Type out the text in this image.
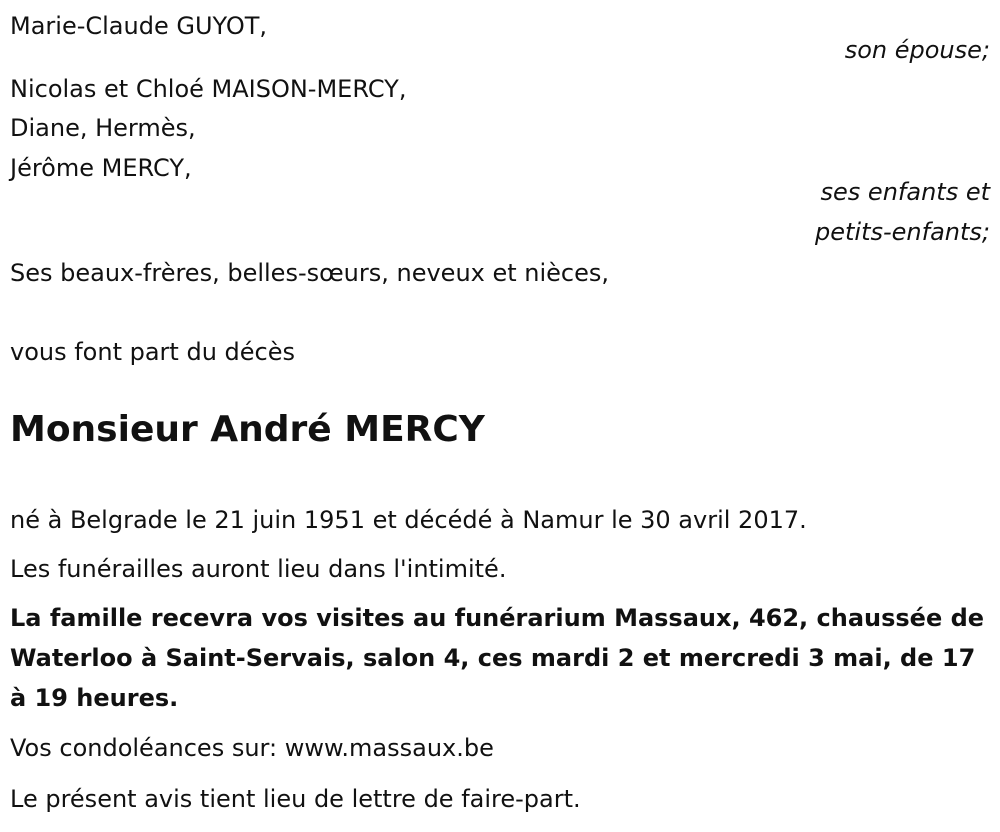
Marie-Claude GUYOT,
son épouse;
Nicolas et Chloé MAISON-MERCY,
Diane, Hermès,
Jérôme MERCY,
ses enfants et
petits-enfants;
Ses beaux-frères, belles-sœurs, neveux et nièces,
vous font part du décès
Monsieur André MERCY
né à Belgrade le 21 juin 1951 et décédé à Namur le 30 avril 2017.
Les funérailles auront lieu dans l'intimité.
La famille recevra vos visites au funérarium Massaux, 462, chaussée de Waterloo à Saint-Servais, salon 4, ces mardi 2 et mercredi 3 mai, de 17 à 19 heures.
Vos condoléances sur: www.massaux.be
Le présent avis tient lieu de lettre de faire-part.
